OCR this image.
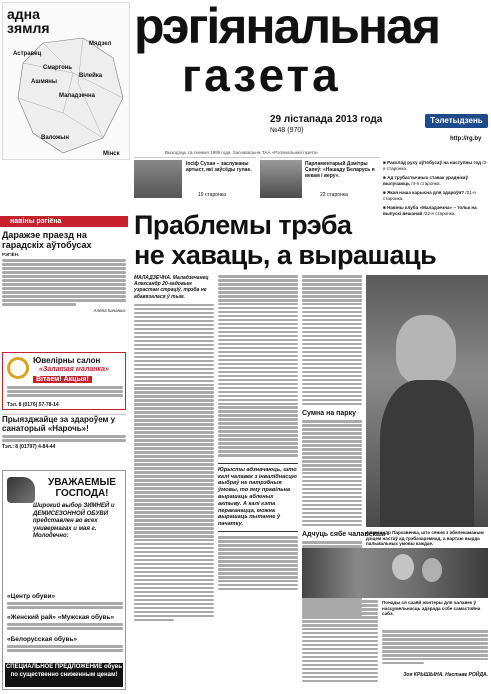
адна
зямля
Мядзел
Астравец
Смаргонь
Вілейка
Ашмяны
Маладзечна
Валожын
Мінск
рэгіянальная
газета
29 лістапада 2013 года
№48 (970)
Тэлетыдзень
http://rg.by
Выходзіць са снежня 1995 года. Заснавальнік ТАА «Рэгіянальная газета»
Іосіф Сухан – заслужаны артыст, які заўсёды гулае.
19 старонка
Парламентарый Дзмітры Сапеў: «Нашаду Беларусь я векам і веру».
22 старонка
■ Раскла́д руху аўтобусаў на наступны год /3-я старонка.
■ Ад трубастычных ставак ураднікаў вылучаюць /4-я старонка.
■ Якая наша карысна для здароўя? /21-я старонка.
■ Навіны клуба «Маладзечна» – тольк на выпускі вешанай /22-я старонка.
навіны рэгіёна
Даражэе праезд на гарадскіх аўтобусах
РЭГІЁН.
Алёна Ішчанка.
Ювелірны салон
«Залатая маланка»
Вітаем! Акцыя!
Тэл. 8 (0176) 57-78-14
Прыязджайце за здароўем у санаторый «Нарочь»!
Тэл.: 8 (01797) 4-84-44
УВАЖАЕМЫЕ ГОСПОДА!
Широкий выбор ЗИМНЕЙ и ДЕМИСЕЗОННОЙ ОБУВИ представлен во всех универмагах и мая г. Молодечно:
«Центр обуви»
«Женский рай» «Мужская обувь»
«Белорусская обувь»
СПЕЦИАЛЬНОЕ ПРЕДЛОЖЕНИЕ обувь по существенно сниженным ценам!
Праблемы трэба
не хаваць, а вырашаць
МАЛАДЗЕЧНА. Маладзечанец Александр 20-гадовым узрастам страціў, трэба не абавязалася ў тым.
Юрысты адзначаюць, што калі чалавек з інваліднасцю выбраў не патрэбныя ўмовы, то яму правільна вырашаць абленых актыву. А калі гэта пераканацца, можна вырашаць пытанне ў пачатку.
Сумна на парку
Адчуць сябе чалавекам
Аляксандр Пархавенка, што сёння з абелекаманым дзіцем настаў ад трэбазарэмнад, а вартаю вырда пальмальных умовы каждае.
Понады ся сааёй жонтеры для чалавек ў насцумельнасць адэрада ссбе самастойна сабэ.
Зоя КРЫШЫНА. Наставе РОЙДА.
